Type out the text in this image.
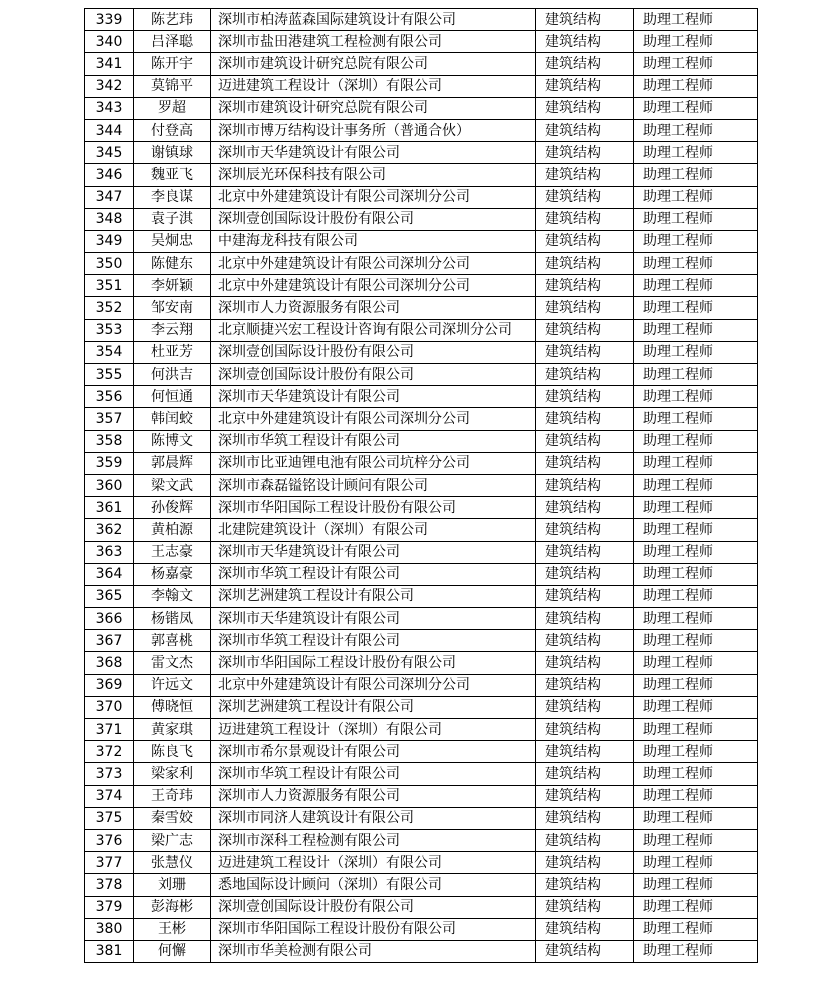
339	陈艺玮	深圳市柏涛蓝森国际建筑设计有限公司	建筑结构	助理工程师
340	吕泽聪	深圳市盐田港建筑工程检测有限公司	建筑结构	助理工程师
341	陈开宇	深圳市建筑设计研究总院有限公司	建筑结构	助理工程师
342	莫锦平	迈进建筑工程设计（深圳）有限公司	建筑结构	助理工程师
343	罗超	深圳市建筑设计研究总院有限公司	建筑结构	助理工程师
344	付登高	深圳市博万结构设计事务所（普通合伙）	建筑结构	助理工程师
345	谢镇球	深圳市天华建筑设计有限公司	建筑结构	助理工程师
346	魏亚飞	深圳辰光环保科技有限公司	建筑结构	助理工程师
347	李良谋	北京中外建建筑设计有限公司深圳分公司	建筑结构	助理工程师
348	袁子淇	深圳壹创国际设计股份有限公司	建筑结构	助理工程师
349	吴炯忠	中建海龙科技有限公司	建筑结构	助理工程师
350	陈健东	北京中外建建筑设计有限公司深圳分公司	建筑结构	助理工程师
351	李妍颖	北京中外建建筑设计有限公司深圳分公司	建筑结构	助理工程师
352	邹安南	深圳市人力资源服务有限公司	建筑结构	助理工程师
353	李云翔	北京顺捷兴宏工程设计咨询有限公司深圳分公司	建筑结构	助理工程师
354	杜亚芳	深圳壹创国际设计股份有限公司	建筑结构	助理工程师
355	何洪吉	深圳壹创国际设计股份有限公司	建筑结构	助理工程师
356	何恒通	深圳市天华建筑设计有限公司	建筑结构	助理工程师
357	韩闰蛟	北京中外建建筑设计有限公司深圳分公司	建筑结构	助理工程师
358	陈博文	深圳市华筑工程设计有限公司	建筑结构	助理工程师
359	郭晨辉	深圳市比亚迪锂电池有限公司坑梓分公司	建筑结构	助理工程师
360	梁文武	深圳市森磊镒铭设计顾问有限公司	建筑结构	助理工程师
361	孙俊辉	深圳市华阳国际工程设计股份有限公司	建筑结构	助理工程师
362	黄柏源	北建院建筑设计（深圳）有限公司	建筑结构	助理工程师
363	王志豪	深圳市天华建筑设计有限公司	建筑结构	助理工程师
364	杨嘉豪	深圳市华筑工程设计有限公司	建筑结构	助理工程师
365	李翰文	深圳艺洲建筑工程设计有限公司	建筑结构	助理工程师
366	杨锴凤	深圳市天华建筑设计有限公司	建筑结构	助理工程师
367	郭喜桃	深圳市华筑工程设计有限公司	建筑结构	助理工程师
368	雷文杰	深圳市华阳国际工程设计股份有限公司	建筑结构	助理工程师
369	许远文	北京中外建建筑设计有限公司深圳分公司	建筑结构	助理工程师
370	傅晓恒	深圳艺洲建筑工程设计有限公司	建筑结构	助理工程师
371	黄家琪	迈进建筑工程设计（深圳）有限公司	建筑结构	助理工程师
372	陈良飞	深圳市希尔景观设计有限公司	建筑结构	助理工程师
373	梁家利	深圳市华筑工程设计有限公司	建筑结构	助理工程师
374	王奇玮	深圳市人力资源服务有限公司	建筑结构	助理工程师
375	秦雪姣	深圳市同济人建筑设计有限公司	建筑结构	助理工程师
376	梁广志	深圳市深科工程检测有限公司	建筑结构	助理工程师
377	张慧仪	迈进建筑工程设计（深圳）有限公司	建筑结构	助理工程师
378	刘珊	悉地国际设计顾问（深圳）有限公司	建筑结构	助理工程师
379	彭海彬	深圳壹创国际设计股份有限公司	建筑结构	助理工程师
380	王彬	深圳市华阳国际工程设计股份有限公司	建筑结构	助理工程师
381	何懈	深圳市华美检测有限公司	建筑结构	助理工程师
